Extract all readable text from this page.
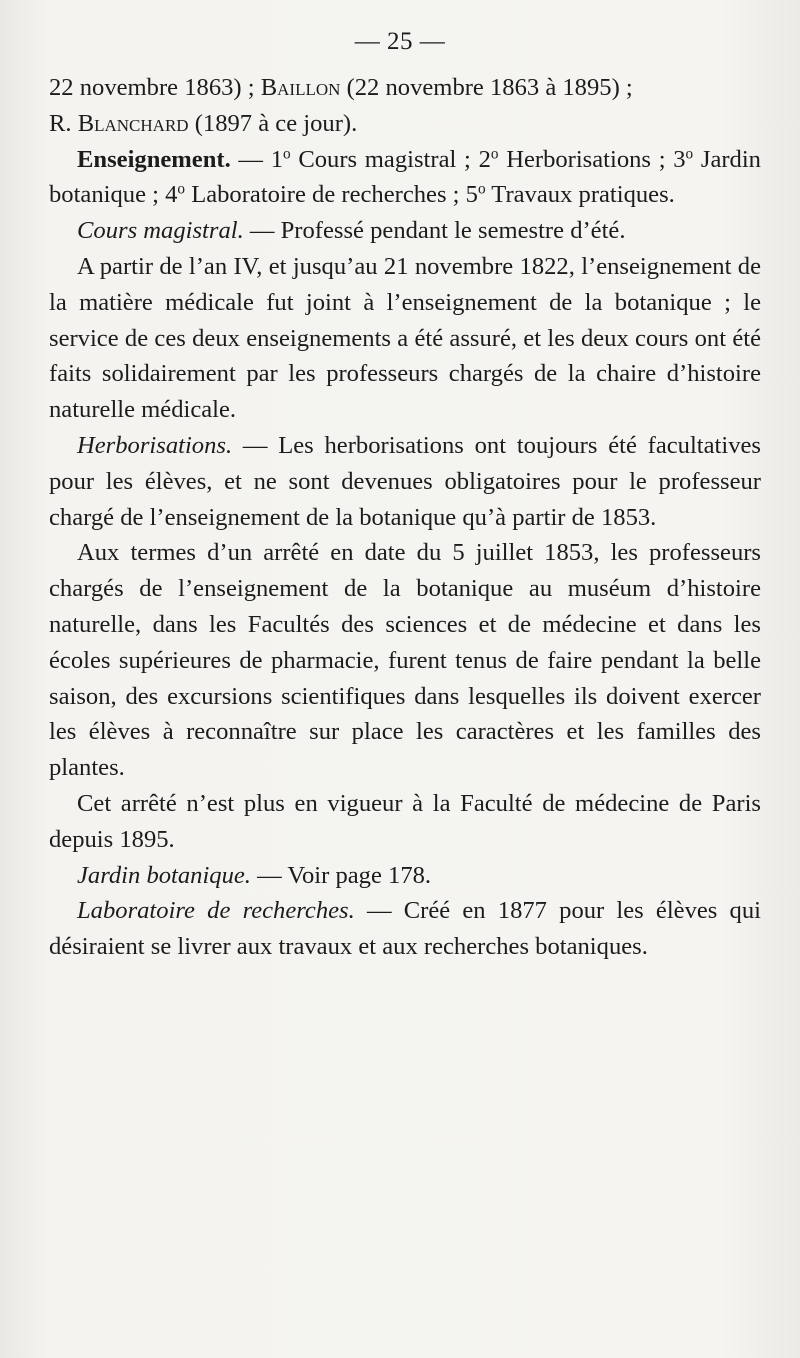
— 25 —

22 novembre 1863) ; Baillon (22 novembre 1863 à 1895) ;
R. Blanchard (1897 à ce jour).

Enseignement. — 1$^o$ Cours magistral ; 2$^o$ Herborisations ; 3$^o$ Jardin botanique ; 4$^o$ Laboratoire de recherches ; 5$^o$ Travaux pratiques.

Cours magistral. — Professé pendant le semestre d’été.

A partir de l’an IV, et jusqu’au 21 novembre 1822, l’enseignement de la matière médicale fut joint à l’enseignement de la botanique ; le service de ces deux enseignements a été assuré, et les deux cours ont été faits solidairement par les professeurs chargés de la chaire d’histoire naturelle médicale.

Herborisations. — Les herborisations ont toujours été facultatives pour les élèves, et ne sont devenues obligatoires pour le professeur chargé de l’enseignement de la botanique qu’à partir de 1853.

Aux termes d’un arrêté en date du 5 juillet 1853, les professeurs chargés de l’enseignement de la botanique au muséum d’histoire naturelle, dans les Facultés des sciences et de médecine et dans les écoles supérieures de pharmacie, furent tenus de faire pendant la belle saison, des excursions scientifiques dans lesquelles ils doivent exercer les élèves à reconnaître sur place les caractères et les familles des plantes.

Cet arrêté n’est plus en vigueur à la Faculté de médecine de Paris depuis 1895.

Jardin botanique. — Voir page 178.

Laboratoire de recherches. — Créé en 1877 pour les élèves qui désiraient se livrer aux travaux et aux recherches botaniques.
